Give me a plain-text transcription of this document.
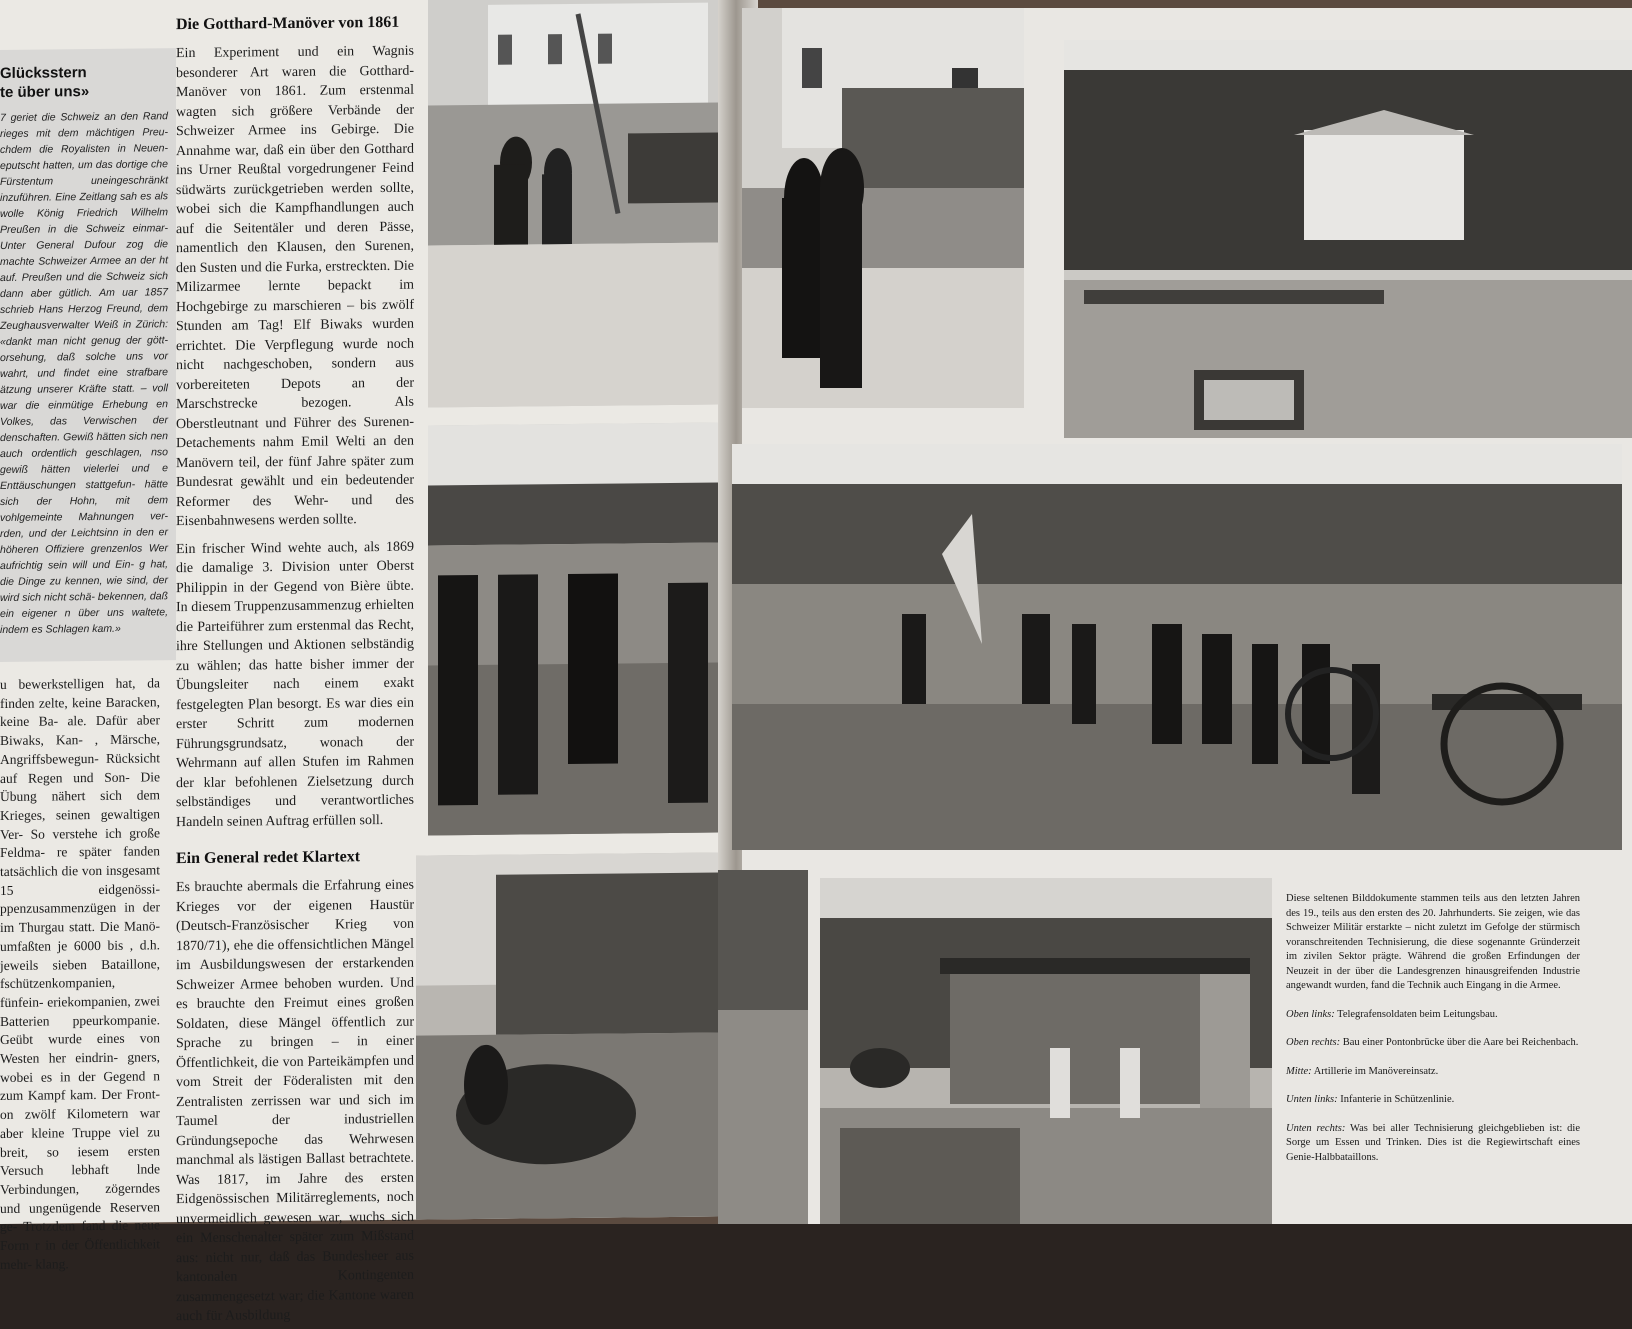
Glücksstern
te über uns»

7 geriet die Schweiz an den Rand rieges mit dem mächtigen Preu- chdem die Royalisten in Neuen- eputscht hatten, um das dortige che Fürstentum uneingeschränkt inzuführen. Eine Zeitlang sah es als wolle König Friedrich Wilhelm Preußen in die Schweiz einmar- Unter General Dufour zog die machte Schweizer Armee an der ht auf. Preußen und die Schweiz sich dann aber gütlich. Am uar 1857 schrieb Hans Herzog Freund, dem Zeughausverwalter Weiß in Zürich: «dankt man nicht genug der gött- orsehung, daß solche uns vor wahrt, und findet eine strafbare ätzung unserer Kräfte statt. – voll war die einmütige Erhebung en Volkes, das Verwischen der denschaften. Gewiß hätten sich nen auch ordentlich geschlagen, nso gewiß hätten vielerlei und e Enttäuschungen stattgefun- hätte sich der Hohn, mit dem vohlgemeinte Mahnungen ver- rden, und der Leichtsinn in den er höheren Offiziere grenzenlos Wer aufrichtig sein will und Ein- g hat, die Dinge zu kennen, wie sind, der wird sich nicht schä- bekennen, daß ein eigener n über uns waltete, indem es Schlagen kam.»

u bewerkstelligen hat, da finden zelte, keine Baracken, keine Ba- ale. Dafür aber Biwaks, Kan- , Märsche, Angriffsbewegun- Rücksicht auf Regen und Son- Die Übung nähert sich dem Krieges, seinen gewaltigen Ver- So verstehe ich große Feldma- re später fanden tatsächlich die von insgesamt 15 eidgenössi- ppenzusammenzügen in der im Thurgau statt. Die Manö- umfaßten je 6000 bis , d.h. jeweils sieben Bataillone, fschützenkompanien, fünfein- eriekompanien, zwei Batterien ppeurkompanie. Geübt wurde eines von Westen her eindrin- gners, wobei es in der Gegend n zum Kampf kam. Der Front- on zwölf Kilometern war aber kleine Truppe viel zu breit, so iesem ersten Versuch lebhaft lnde Verbindungen, zögerndes und ungenügende Reserven ge- Trotzdem fand die neue Form r in der Öffentlichkeit mehr- klang.

Die Gotthard-Manöver von 1861

Ein Experiment und ein Wagnis besonderer Art waren die Gotthard-Manöver von 1861. Zum erstenmal wagten sich größere Verbände der Schweizer Armee ins Gebirge. Die Annahme war, daß ein über den Gotthard ins Urner Reußtal vorgedrungener Feind südwärts zurückgetrieben werden sollte, wobei sich die Kampfhandlungen auch auf die Seitentäler und deren Pässe, namentlich den Klausen, den Surenen, den Susten und die Furka, erstreckten. Die Milizarmee lernte bepackt im Hochgebirge zu marschieren – bis zwölf Stunden am Tag! Elf Biwaks wurden errichtet. Die Verpflegung wurde noch nicht nachgeschoben, sondern aus vorbereiteten Depots an der Marschstrecke bezogen. Als Oberstleutnant und Führer des Surenen-Detachements nahm Emil Welti an den Manövern teil, der fünf Jahre später zum Bundesrat gewählt und ein bedeutender Reformer des Wehr- und des Eisenbahnwesens werden sollte.

Ein frischer Wind wehte auch, als 1869 die damalige 3. Division unter Oberst Philippin in der Gegend von Bière übte. In diesem Truppenzusammenzug erhielten die Parteiführer zum erstenmal das Recht, ihre Stellungen und Aktionen selbständig zu wählen; das hatte bisher immer der Übungsleiter nach einem exakt festgelegten Plan besorgt. Es war dies ein erster Schritt zum modernen Führungsgrundsatz, wonach der Wehrmann auf allen Stufen im Rahmen der klar befohlenen Zielsetzung durch selbständiges und verantwortliches Handeln seinen Auftrag erfüllen soll.

Ein General redet Klartext

Es brauchte abermals die Erfahrung eines Krieges vor der eigenen Haustür (Deutsch-Französischer Krieg von 1870/71), ehe die offensichtlichen Mängel im Ausbildungswesen der erstarkenden Schweizer Armee behoben wurden. Und es brauchte den Freimut eines großen Soldaten, diese Mängel öffentlich zur Sprache zu bringen – in einer Öffentlichkeit, die von Parteikämpfen und vom Streit der Föderalisten mit den Zentralisten zerrissen war und sich im Taumel der industriellen Gründungsepoche das Wehrwesen manchmal als lästigen Ballast betrachtete. Was 1817, im Jahre des ersten Eidgenössischen Militärreglements, noch unvermeidlich gewesen war, wuchs sich ein Menschenalter später zum Mißstand aus: nicht nur, daß das Bundesheer aus kantonalen Kontingenten zusammengesetzt war; die Kantone waren auch für Ausbildung

Diese seltenen Bilddokumente stammen teils aus den letzten Jahren des 19., teils aus den ersten des 20. Jahrhunderts. Sie zeigen, wie das Schweizer Militär erstarkte – nicht zuletzt im Gefolge der stürmisch voranschreitenden Technisierung, die diese sogenannte Gründerzeit im zivilen Sektor prägte. Während die großen Erfindungen der Neuzeit in der über die Landesgrenzen hinausgreifenden Industrie angewandt wurden, fand die Technik auch Eingang in die Armee.

Oben links: Telegrafensoldaten beim Leitungsbau.

Oben rechts: Bau einer Pontonbrücke über die Aare bei Reichenbach.

Mitte: Artillerie im Manövereinsatz.

Unten links: Infanterie in Schützenlinie.

Unten rechts: Was bei aller Technisierung gleichgeblieben ist: die Sorge um Essen und Trinken. Dies ist die Regiewirtschaft eines Genie-Halbbataillons.
